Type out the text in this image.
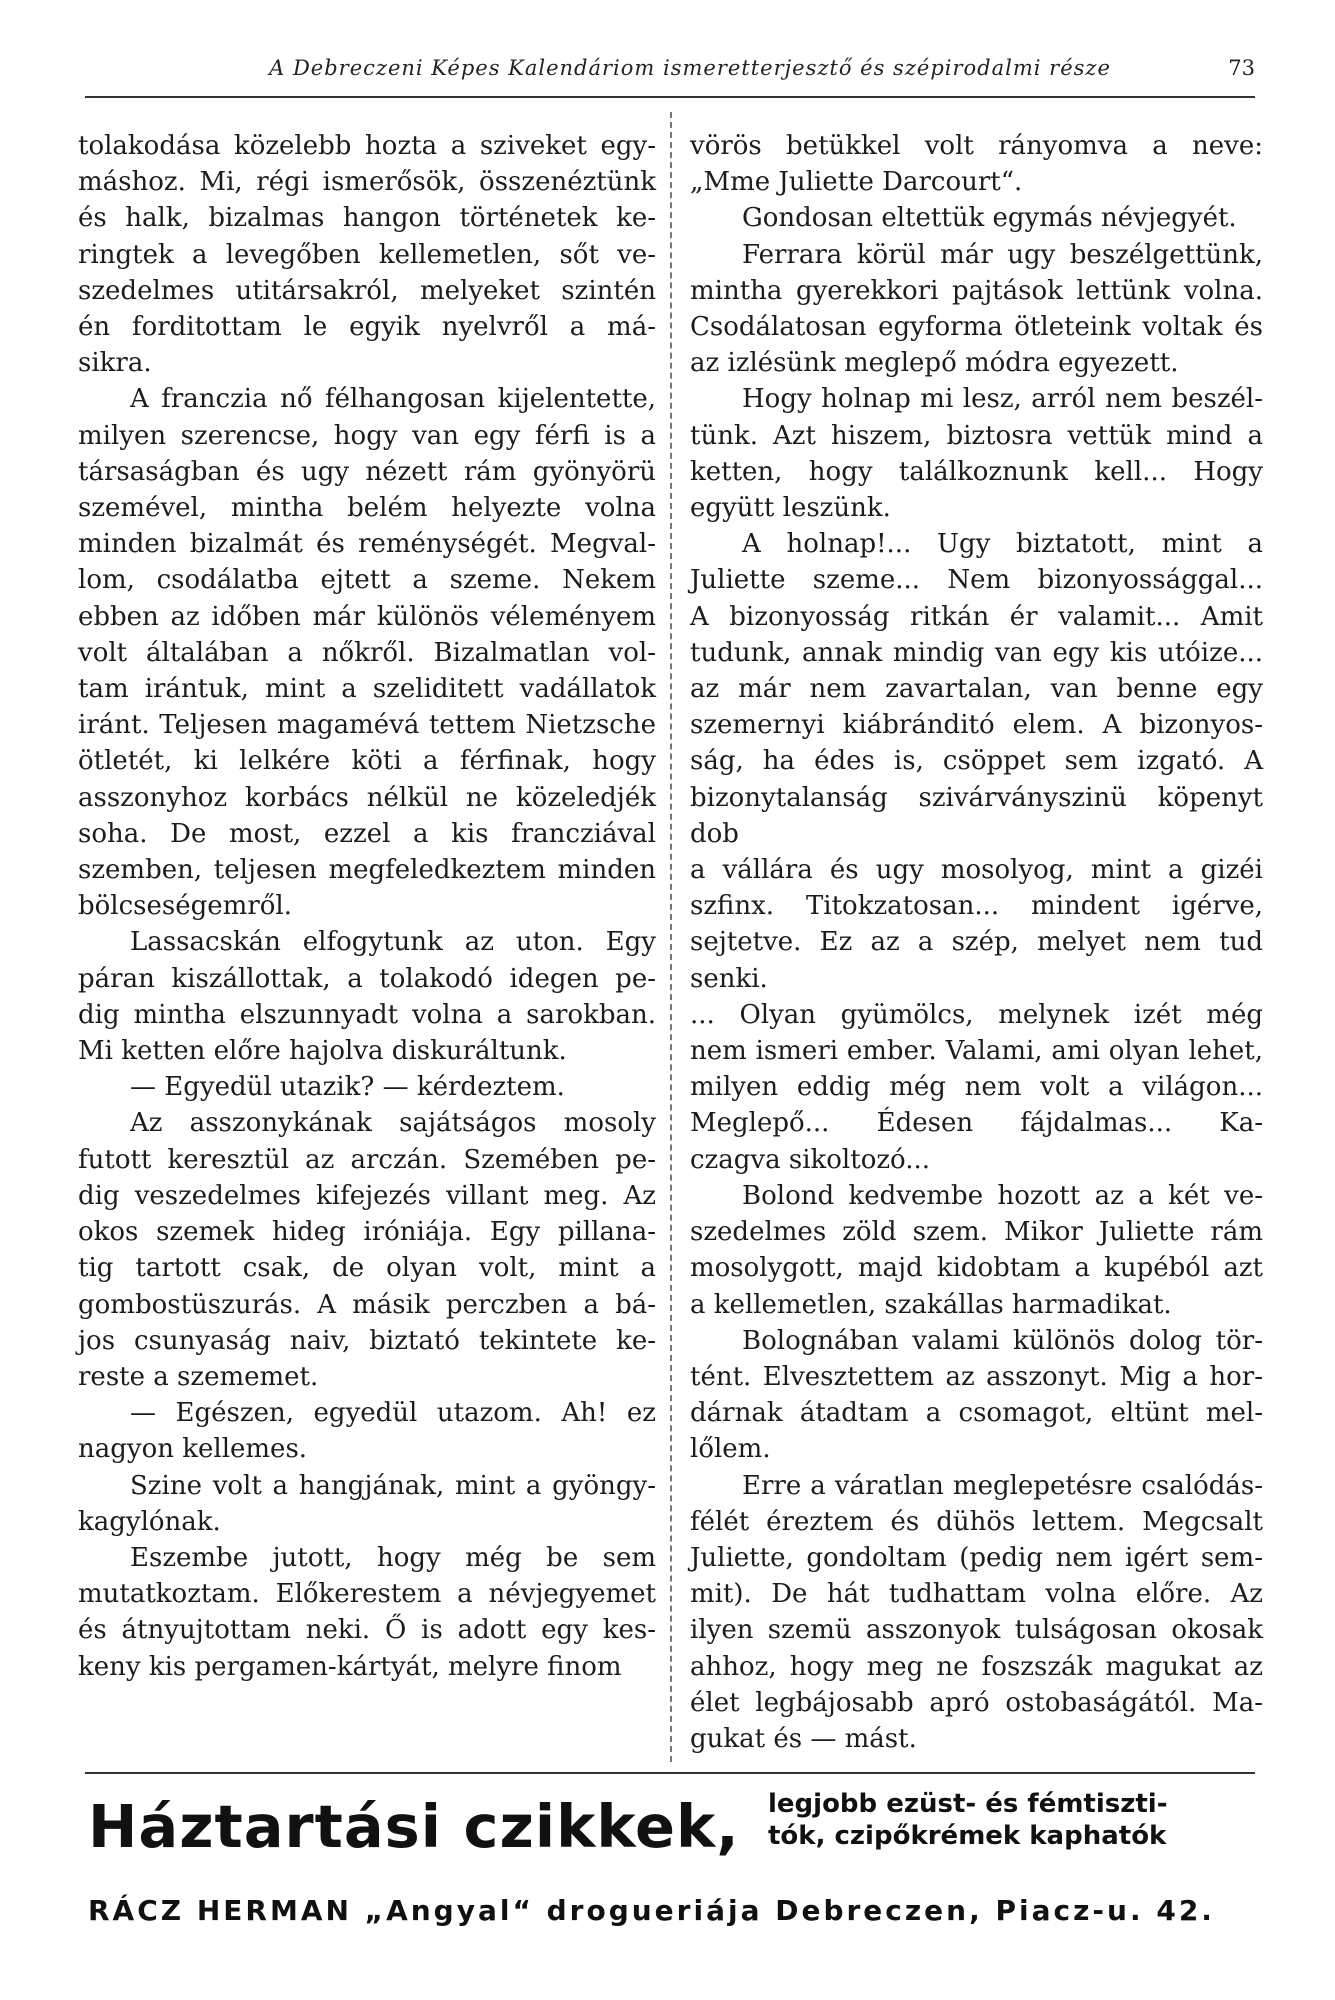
A Debreczeni Képes Kalendáriom ismeretterjesztő és szépirodalmi része	73

tolakodása közelebb hozta a sziveket egy-

máshoz. Mi, régi ismerősök, összenéztünk

és halk, bizalmas hangon történetek ke-

ringtek a levegőben kellemetlen, sőt ve-

szedelmes utitársakról, melyeket szintén

én forditottam le egyik nyelvről a má-

sikra.

A franczia nő félhangosan kijelentette,

milyen szerencse, hogy van egy férfi is a

társaságban és ugy nézett rám gyönyörü

szemével, mintha belém helyezte volna

minden bizalmát és reménységét. Megval-

lom, csodálatba ejtett a szeme. Nekem

ebben az időben már különös véleményem

volt általában a nőkről. Bizalmatlan vol-

tam irántuk, mint a szeliditett vadállatok

iránt. Teljesen magamévá tettem Nietzsche

ötletét, ki lelkére köti a férfinak, hogy

asszonyhoz korbács nélkül ne közeledjék

soha. De most, ezzel a kis francziával

szemben, teljesen megfeledkeztem minden

bölcseségemről.

Lassacskán elfogytunk az uton. Egy

páran kiszállottak, a tolakodó idegen pe-

dig mintha elszunnyadt volna a sarokban.

Mi ketten előre hajolva diskuráltunk.

— Egyedül utazik? — kérdeztem.

Az asszonykának sajátságos mosoly

futott keresztül az arczán. Szemében pe-

dig veszedelmes kifejezés villant meg. Az

okos szemek hideg iróniája. Egy pillana-

tig tartott csak, de olyan volt, mint a

gombostüszurás. A másik perczben a bá-

jos csunyaság naiv, biztató tekintete ke-

reste a szememet.

— Egészen, egyedül utazom. Ah! ez

nagyon kellemes.

Szine volt a hangjának, mint a gyöngy-

kagylónak.

Eszembe jutott, hogy még be sem

mutatkoztam. Előkerestem a névjegyemet

és átnyujtottam neki. Ő is adott egy kes-

keny kis pergamen-kártyát, melyre finom

vörös betükkel volt rányomva a neve:

„Mme Juliette Darcourt“.

Gondosan eltettük egymás névjegyét.

Ferrara körül már ugy beszélgettünk,

mintha gyerekkori pajtások lettünk volna.

Csodálatosan egyforma ötleteink voltak és

az izlésünk meglepő módra egyezett.

Hogy holnap mi lesz, arról nem beszél-

tünk. Azt hiszem, biztosra vettük mind a

ketten, hogy találkoznunk kell... Hogy

együtt leszünk.

A holnap!... Ugy biztatott, mint a

Juliette szeme... Nem bizonyossággal...

A bizonyosság ritkán ér valamit... Amit

tudunk, annak mindig van egy kis utóize...

az már nem zavartalan, van benne egy

szemernyi kiábránditó elem. A bizonyos-

ság, ha édes is, csöppet sem izgató. A

bizonytalanság szivárványszinü köpenyt dob

a vállára és ugy mosolyog, mint a gizéi

szfinx. Titokzatosan... mindent igérve,

sejtetve. Ez az a szép, melyet nem tud senki.

... Olyan gyümölcs, melynek izét még

nem ismeri ember. Valami, ami olyan lehet,

milyen eddig még nem volt a világon...

Meglepő... Édesen fájdalmas... Ka-

czagva sikoltozó...

Bolond kedvembe hozott az a két ve-

szedelmes zöld szem. Mikor Juliette rám

mosolygott, majd kidobtam a kupéból azt

a kellemetlen, szakállas harmadikat.

Bolognában valami különös dolog tör-

tént. Elvesztettem az asszonyt. Mig a hor-

dárnak átadtam a csomagot, eltünt mel-

lőlem.

Erre a váratlan meglepetésre csalódás-

félét éreztem és dühös lettem. Megcsalt

Juliette, gondoltam (pedig nem igért sem-

mit). De hát tudhattam volna előre. Az

ilyen szemü asszonyok tulságosan okosak

ahhoz, hogy meg ne foszszák magukat az

élet legbájosabb apró ostobaságától. Ma-

gukat és — mást.

Háztartási czikkek, legjobb ezüst- és fémtiszti-
tók, czipőkrémek kaphatók
RÁCZ HERMAN „Angyal“ drogueriája Debreczen, Piacz-u. 42.
